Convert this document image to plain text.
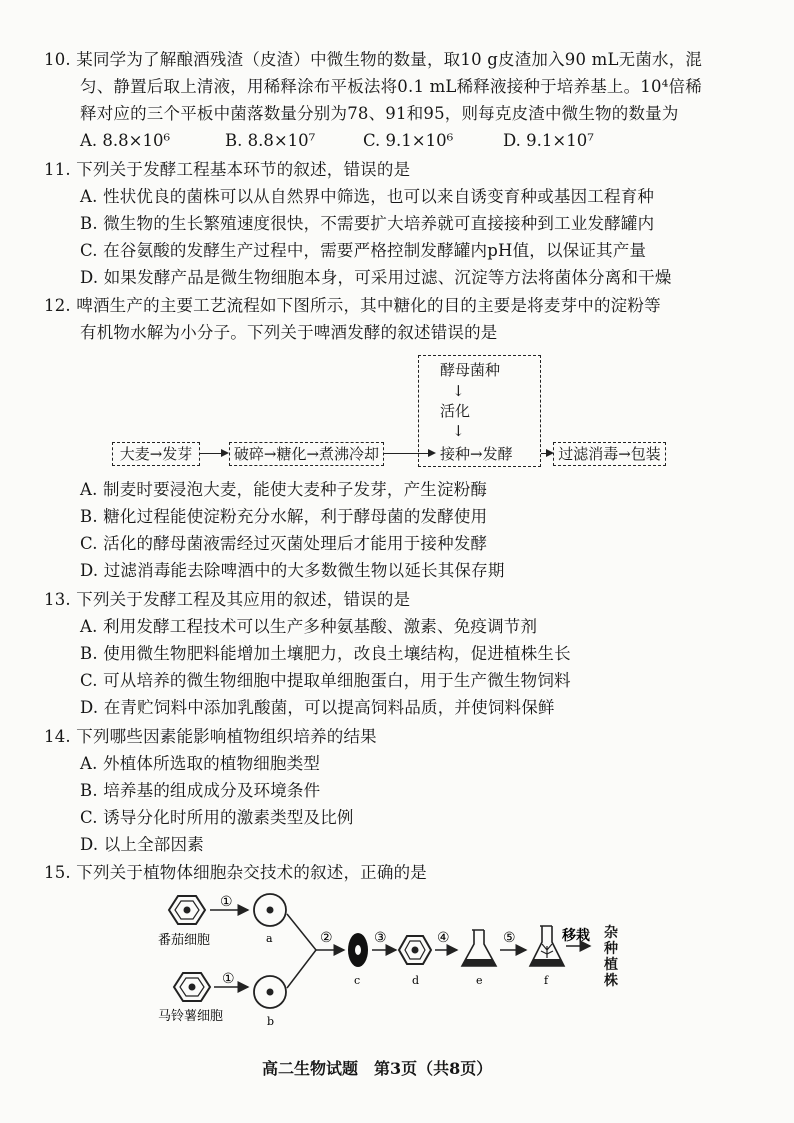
10. 某同学为了解酿酒残渣（皮渣）中微生物的数量，取10 g皮渣加入90 mL无菌水，混
匀、静置后取上清液，用稀释涂布平板法将0.1 mL稀释液接种于培养基上。10⁴倍稀
释对应的三个平板中菌落数量分别为78、91和95，则每克皮渣中微生物的数量为
A. 8.8×10⁶	B. 8.8×10⁷	C. 9.1×10⁶	D. 9.1×10⁷
11. 下列关于发酵工程基本环节的叙述，错误的是
A. 性状优良的菌株可以从自然界中筛选，也可以来自诱变育种或基因工程育种
B. 微生物的生长繁殖速度很快，不需要扩大培养就可直接接种到工业发酵罐内
C. 在谷氨酸的发酵生产过程中，需要严格控制发酵罐内pH值，以保证其产量
D. 如果发酵产品是微生物细胞本身，可采用过滤、沉淀等方法将菌体分离和干燥
12. 啤酒生产的主要工艺流程如下图所示，其中糖化的目的主要是将麦芽中的淀粉等
有机物水解为小分子。下列关于啤酒发酵的叙述错误的是
酵母菌种
↓
活化
↓
大麦→发芽	破碎→糖化→煮沸冷却	接种→发酵	过滤消毒→包装
A. 制麦时要浸泡大麦，能使大麦种子发芽，产生淀粉酶
B. 糖化过程能使淀粉充分水解，利于酵母菌的发酵使用
C. 活化的酵母菌液需经过灭菌处理后才能用于接种发酵
D. 过滤消毒能去除啤酒中的大多数微生物以延长其保存期
13. 下列关于发酵工程及其应用的叙述，错误的是
A. 利用发酵工程技术可以生产多种氨基酸、激素、免疫调节剂
B. 使用微生物肥料能增加土壤肥力，改良土壤结构，促进植株生长
C. 可从培养的微生物细胞中提取单细胞蛋白，用于生产微生物饲料
D. 在青贮饲料中添加乳酸菌，可以提高饲料品质，并使饲料保鲜
14. 下列哪些因素能影响植物组织培养的结果
A. 外植体所选取的植物细胞类型
B. 培养基的组成成分及环境条件
C. 诱导分化时所用的激素类型及比例
D. 以上全部因素
15. 下列关于植物体细胞杂交技术的叙述，正确的是
番茄细胞
①
a
马铃薯细胞
①
b
②
c
③
d
④
e
⑤
f
移栽 杂种植株
高二生物试题　第3页（共8页）
